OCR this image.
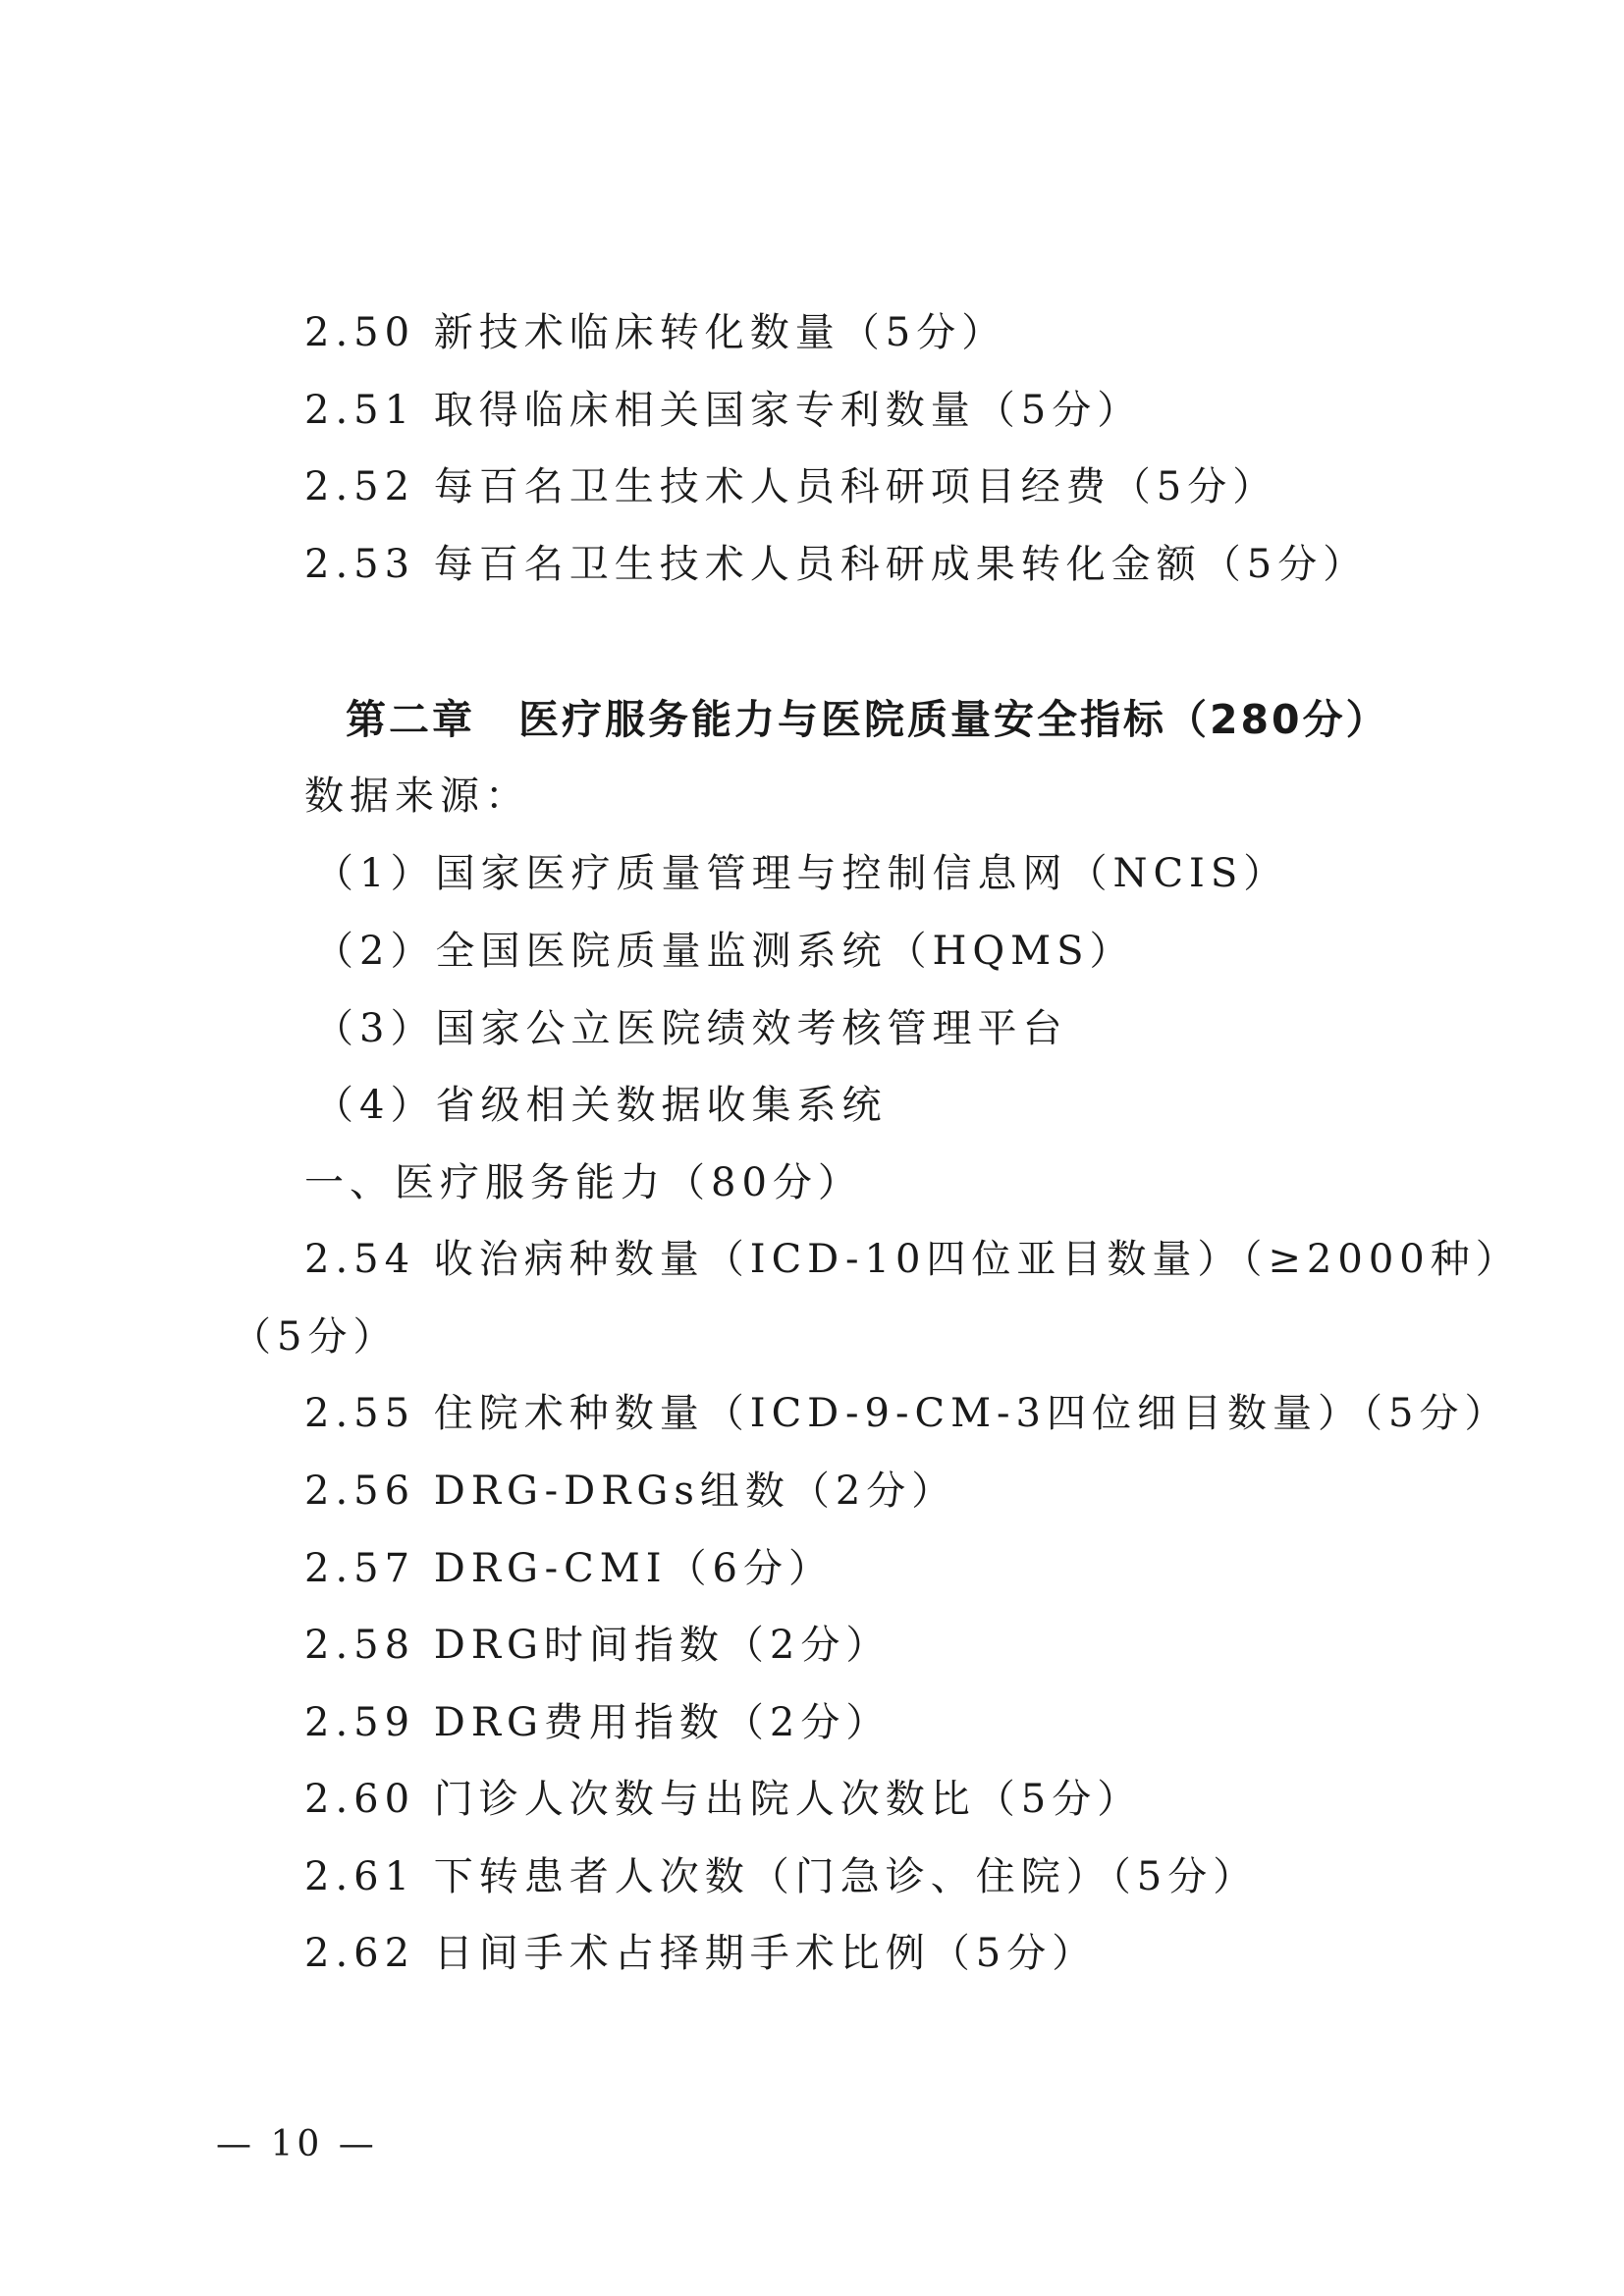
2.50 新技术临床转化数量（5分）
2.51 取得临床相关国家专利数量（5分）
2.52 每百名卫生技术人员科研项目经费（5分）
2.53 每百名卫生技术人员科研成果转化金额（5分）
第二章 医疗服务能力与医院质量安全指标（280分）
数据来源：
（1）国家医疗质量管理与控制信息网（NCIS）
（2）全国医院质量监测系统（HQMS）
（3）国家公立医院绩效考核管理平台
（4）省级相关数据收集系统
一、医疗服务能力（80分）
2.54 收治病种数量（ICD-10四位亚目数量）（≥2000种）
（5分）
2.55 住院术种数量（ICD-9-CM-3四位细目数量）（5分）
2.56 DRG-DRGs组数（2分）
2.57 DRG-CMI（6分）
2.58 DRG时间指数（2分）
2.59 DRG费用指数（2分）
2.60 门诊人次数与出院人次数比（5分）
2.61 下转患者人次数（门急诊、住院）（5分）
2.62 日间手术占择期手术比例（5分）
— 10 —
